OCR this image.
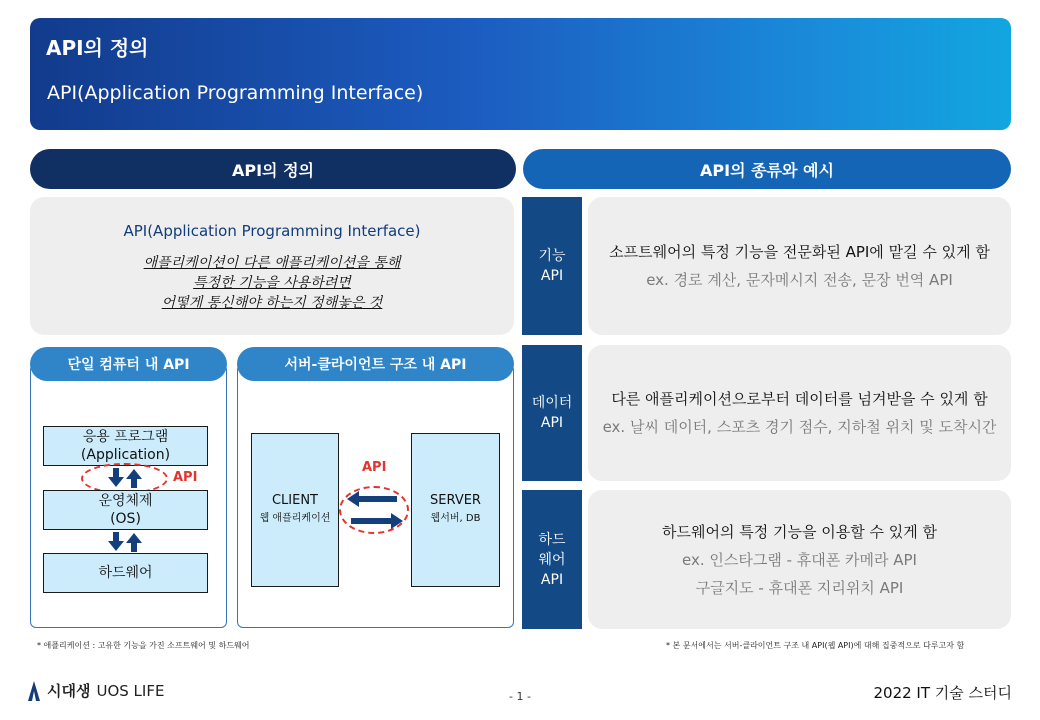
API의 정의
API(Application Programming Interface)
API의 정의	API의 종류와 예시
API(Application Programming Interface)
애플리케이션이 다른 애플리케이션을 통해
특정한 기능을 사용하려면
어떻게 통신해야 하는지 정해놓은 것
단일 컴퓨터 내 API	서버-클라이언트 구조 내 API
응용 프로그램
(Application)
API
운영체제
(OS)
하드웨어
CLIENT
웹 애플리케이션
SERVER
웹서버, DB
API
기능
API
소프트웨어의 특정 기능을 전문화된 API에 맡길 수 있게 함
ex. 경로 계산, 문자메시지 전송, 문장 번역 API
데이터
API
다른 애플리케이션으로부터 데이터를 넘겨받을 수 있게 함
ex. 날씨 데이터, 스포츠 경기 점수, 지하철 위치 및 도착시간
하드
웨어
API
하드웨어의 특정 기능을 이용할 수 있게 함
ex. 인스타그램 - 휴대폰 카메라 API
구글지도 - 휴대폰 지리위치 API
* 애플리케이션 : 고유한 기능을 가진 소프트웨어 및 하드웨어	* 본 문서에서는 서버-클라이언트 구조 내 API(웹 API)에 대해 집중적으로 다루고자 함
시대생 UOS LIFE	- 1 -	2022 IT 기술 스터디
